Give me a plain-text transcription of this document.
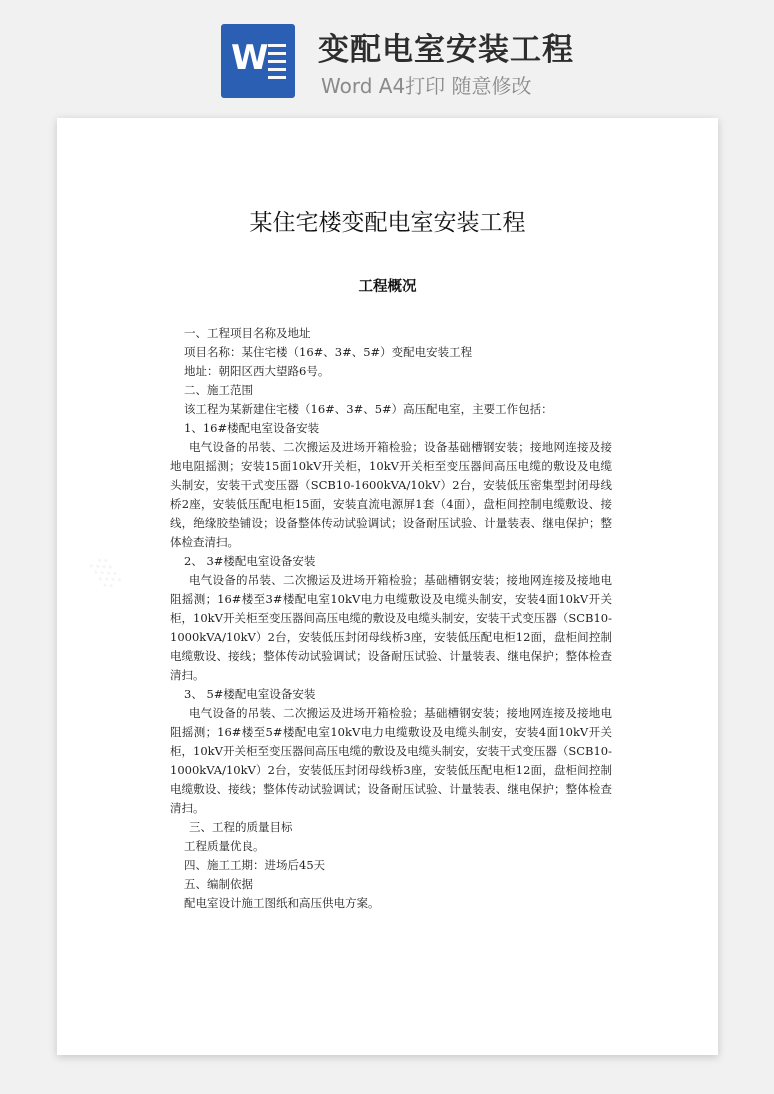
W 变配电室安装工程
Word A4打印 随意修改
某住宅楼变配电室安装工程
工程概况

一、工程项目名称及地址

项目名称：某住宅楼（16#、3#、5#）变配电安装工程

地址：朝阳区西大望路6号。

二、施工范围

该工程为某新建住宅楼（16#、3#、5#）高压配电室，主要工作包括：

1、16#楼配电室设备安装

电气设备的吊装、二次搬运及进场开箱检验；设备基础槽钢安装；接地网连接及接地电阻摇测；安装15面10kV开关柜，10kV开关柜至变压器间高压电缆的敷设及电缆头制安，安装干式变压器（SCB10-1600kVA/10kV）2台，安装低压密集型封闭母线桥2座，安装低压配电柜15面，安装直流电源屏1套（4面），盘柜间控制电缆敷设、接线，绝缘胶垫铺设；设备整体传动试验调试；设备耐压试验、计量装表、继电保护；整体检查清扫。

2、 3#楼配电室设备安装

电气设备的吊装、二次搬运及进场开箱检验；基础槽钢安装；接地网连接及接地电阻摇测；16#楼至3#楼配电室10kV电力电缆敷设及电缆头制安，安装4面10kV开关柜，10kV开关柜至变压器间高压电缆的敷设及电缆头制安，安装干式变压器（SCB10-1000kVA/10kV）2台，安装低压封闭母线桥3座，安装低压配电柜12面，盘柜间控制电缆敷设、接线；整体传动试验调试；设备耐压试验、计量装表、继电保护；整体检查清扫。

3、 5#楼配电室设备安装

电气设备的吊装、二次搬运及进场开箱检验；基础槽钢安装；接地网连接及接地电阻摇测；16#楼至5#楼配电室10kV电力电缆敷设及电缆头制安，安装4面10kV开关柜，10kV开关柜至变压器间高压电缆的敷设及电缆头制安，安装干式变压器（SCB10-1000kVA/10kV）2台，安装低压封闭母线桥3座，安装低压配电柜12面，盘柜间控制电缆敷设、接线；整体传动试验调试；设备耐压试验、计量装表、继电保护；整体检查清扫。

三、工程的质量目标

工程质量优良。

四、施工工期：进场后45天

五、编制依据

配电室设计施工图纸和高压供电方案。
